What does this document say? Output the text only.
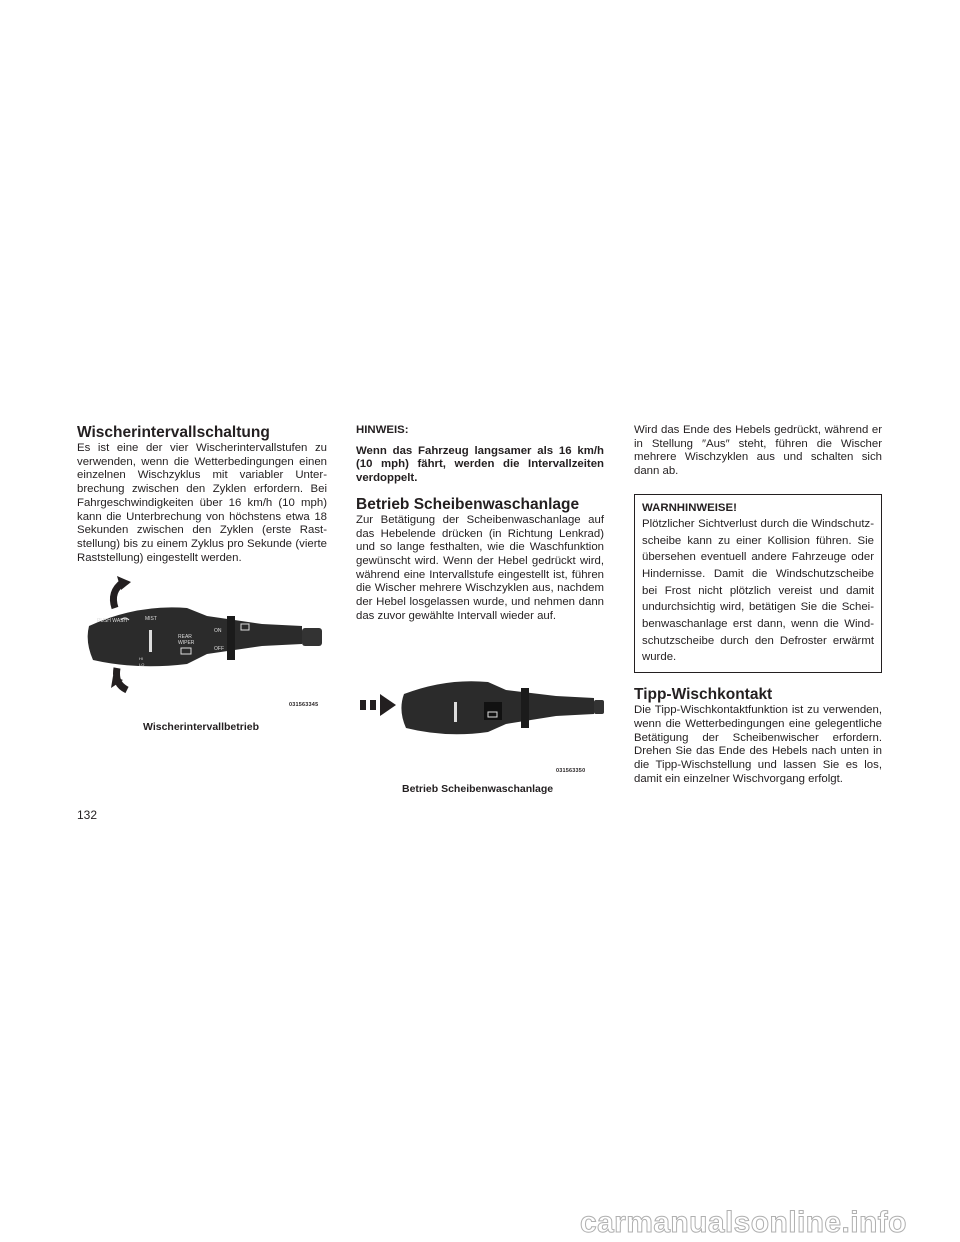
Wischerintervallschaltung

Es ist eine der vier Wischerintervallstufen zu verwenden, wenn die Wetterbedingungen einen einzelnen Wischzyklus mit variabler Unterbrechung zwischen den Zyklen erfordern. Bei Fahrgeschwindigkeiten über 16 km/h (10 mph) kann die Unterbrechung von höchstens etwa 18 Sekunden zwischen den Zyklen (erste Raststellung) bis zu einem Zyklus pro Sekunde (vierte Raststellung) eingestellt werden.

PUSH WASH	MIST
REAR
WIPER
ON
OFF
HI
LO
031563345
Wischerintervallbetrieb

HINWEIS:

Wenn das Fahrzeug langsamer als 16 km/h (10 mph) fährt, werden die Intervallzeiten verdoppelt.

Betrieb Scheibenwaschanlage

Zur Betätigung der Scheibenwaschanlage auf das Hebelende drücken (in Richtung Lenkrad) und so lange festhalten, wie die Waschfunktion gewünscht wird. Wenn der Hebel gedrückt wird, während eine Intervallstufe eingestellt ist, führen die Wischer mehrere Wischzyklen aus, nachdem der Hebel losgelassen wurde, und nehmen dann das zuvor gewählte Intervall wieder auf.

031563350
Betrieb Scheibenwaschanlage

Wird das Ende des Hebels gedrückt, während er in Stellung ″Aus″ steht, führen die Wischer mehrere Wischzyklen aus und schalten sich dann ab.

WARNHINWEISE!

Plötzlicher Sichtverlust durch die Windschutzscheibe kann zu einer Kollision führen. Sie übersehen eventuell andere Fahrzeuge oder Hindernisse. Damit die Windschutzscheibe bei Frost nicht plötzlich vereist und damit undurchsichtig wird, betätigen Sie die Scheibenwaschanlage erst dann, wenn die Windschutzscheibe durch den Defroster erwärmt wurde.

Tipp-Wischkontakt

Die Tipp-Wischkontaktfunktion ist zu verwenden, wenn die Wetterbedingungen eine gelegentliche Betätigung der Scheibenwischer erfordern. Drehen Sie das Ende des Hebels nach unten in die Tipp-Wischstellung und lassen Sie es los, damit ein einzelner Wischvorgang erfolgt.

132
carmanualsonline.info
